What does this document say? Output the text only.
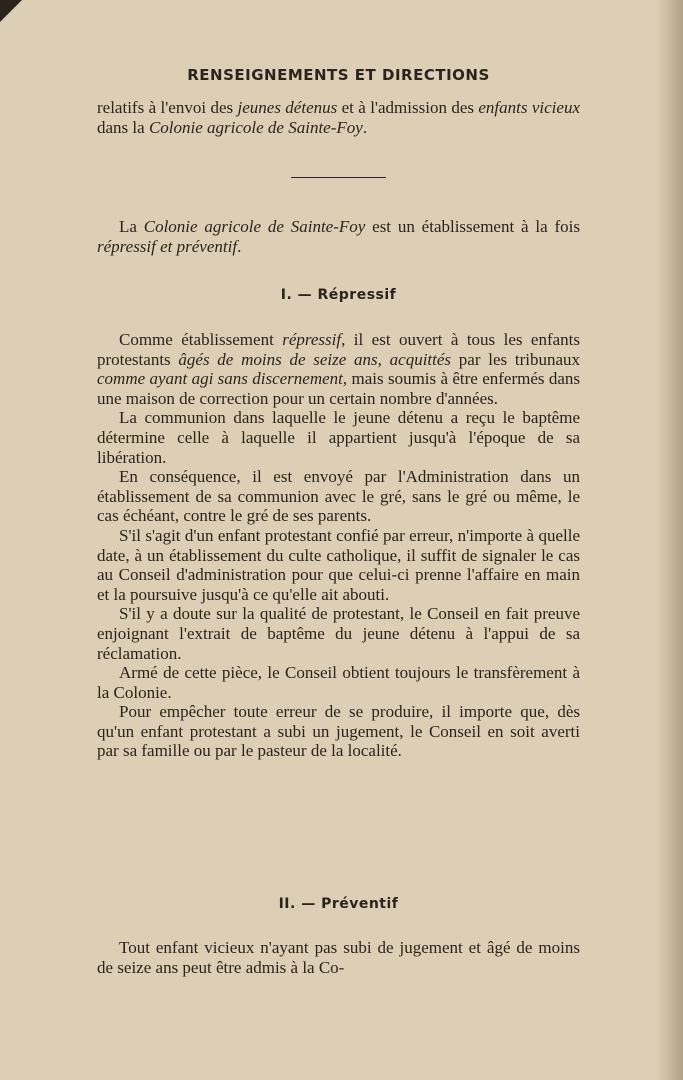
RENSEIGNEMENTS ET DIRECTIONS

relatifs à l'envoi des jeunes détenus et à l'admission des enfants vicieux dans la Colonie agricole de Sainte-Foy.

La Colonie agricole de Sainte-Foy est un établissement à la fois répressif et préventif.

I. — Répressif

Comme établissement répressif, il est ouvert à tous les enfants protestants âgés de moins de seize ans, acquittés par les tribunaux comme ayant agi sans discernement, mais soumis à être enfermés dans une maison de correction pour un certain nombre d'années.

La communion dans laquelle le jeune détenu a reçu le baptême détermine celle à laquelle il appartient jusqu'à l'époque de sa libération.

En conséquence, il est envoyé par l'Administration dans un établissement de sa communion avec le gré, sans le gré ou même, le cas échéant, contre le gré de ses parents.

S'il s'agit d'un enfant protestant confié par erreur, n'importe à quelle date, à un établissement du culte catholique, il suffit de signaler le cas au Conseil d'administration pour que celui-ci prenne l'affaire en main et la poursuive jusqu'à ce qu'elle ait abouti.

S'il y a doute sur la qualité de protestant, le Conseil en fait preuve enjoignant l'extrait de baptême du jeune détenu à l'appui de sa réclamation.

Armé de cette pièce, le Conseil obtient toujours le transfèrement à la Colonie.

Pour empêcher toute erreur de se produire, il importe que, dès qu'un enfant protestant a subi un jugement, le Conseil en soit averti par sa famille ou par le pasteur de la localité.

II. — Préventif

Tout enfant vicieux n'ayant pas subi de jugement et âgé de moins de seize ans peut être admis à la Co-
